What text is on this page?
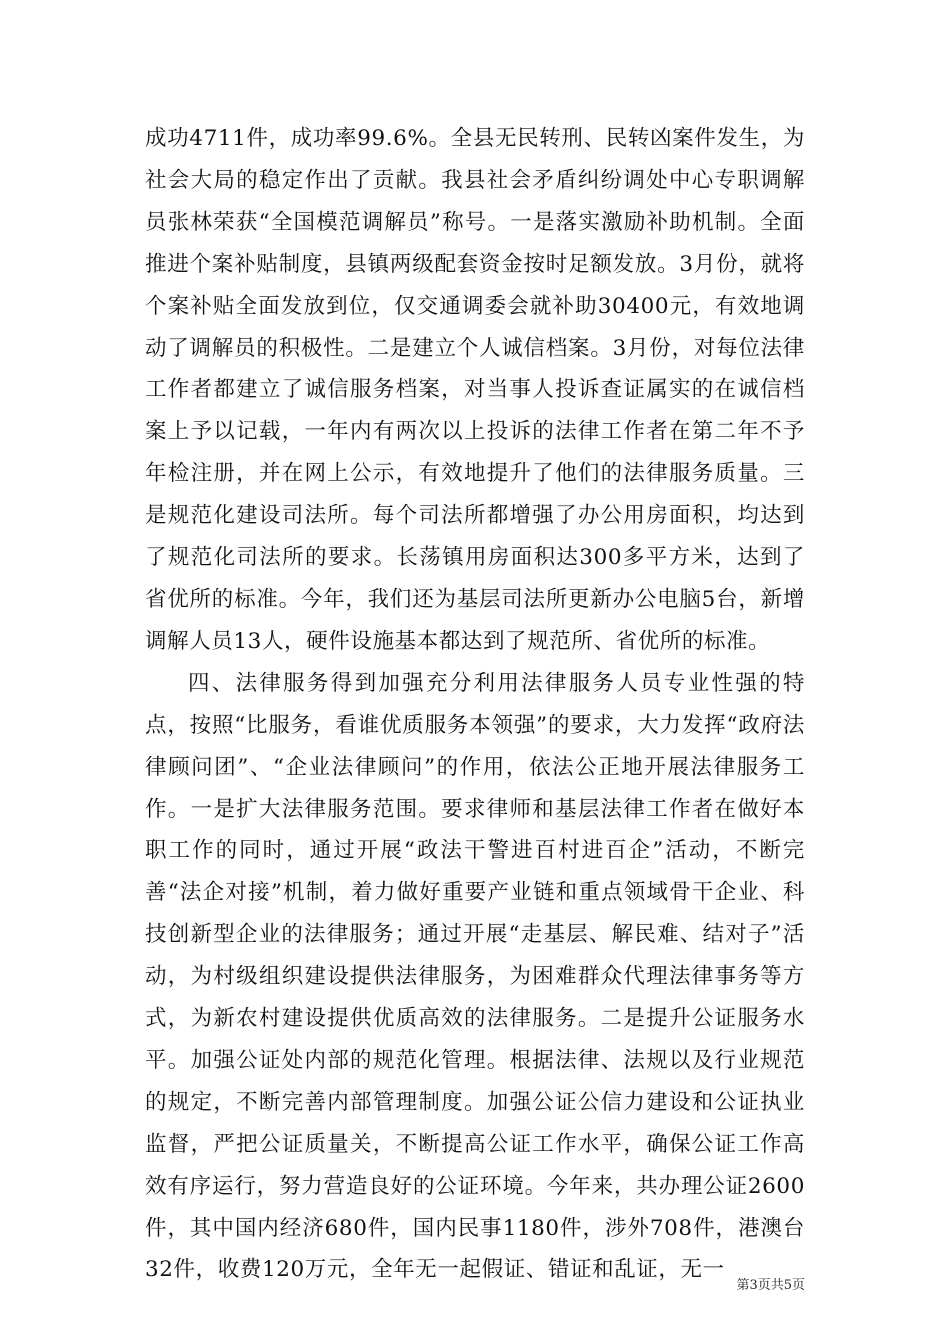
成功4711件，成功率99.6%。全县无民转刑、民转凶案件发生，为社会大局的稳定作出了贡献。我县社会矛盾纠纷调处中心专职调解员张林荣获“全国模范调解员”称号。一是落实激励补助机制。全面推进个案补贴制度，县镇两级配套资金按时足额发放。3月份，就将个案补贴全面发放到位，仅交通调委会就补助30400元，有效地调动了调解员的积极性。二是建立个人诚信档案。3月份，对每位法律工作者都建立了诚信服务档案，对当事人投诉查证属实的在诚信档案上予以记载，一年内有两次以上投诉的法律工作者在第二年不予年检注册，并在网上公示，有效地提升了他们的法律服务质量。三是规范化建设司法所。每个司法所都增强了办公用房面积，均达到了规范化司法所的要求。长荡镇用房面积达300多平方米，达到了省优所的标准。今年，我们还为基层司法所更新办公电脑5台，新增调解人员13人，硬件设施基本都达到了规范所、省优所的标准。

四、法律服务得到加强充分利用法律服务人员专业性强的特点，按照“比服务，看谁优质服务本领强”的要求，大力发挥“政府法律顾问团”、“企业法律顾问”的作用，依法公正地开展法律服务工作。一是扩大法律服务范围。要求律师和基层法律工作者在做好本职工作的同时，通过开展“政法干警进百村进百企”活动，不断完善“法企对接”机制，着力做好重要产业链和重点领域骨干企业、科技创新型企业的法律服务；通过开展“走基层、解民难、结对子”活动，为村级组织建设提供法律服务，为困难群众代理法律事务等方式，为新农村建设提供优质高效的法律服务。二是提升公证服务水平。加强公证处内部的规范化管理。根据法律、法规以及行业规范的规定，不断完善内部管理制度。加强公证公信力建设和公证执业监督，严把公证质量关，不断提高公证工作水平，确保公证工作高效有序运行，努力营造良好的公证环境。今年来，共办理公证2600件，其中国内经济680件，国内民事1180件，涉外708件，港澳台32件，收费120万元，全年无一起假证、错证和乱证，无一

第3页共5页
